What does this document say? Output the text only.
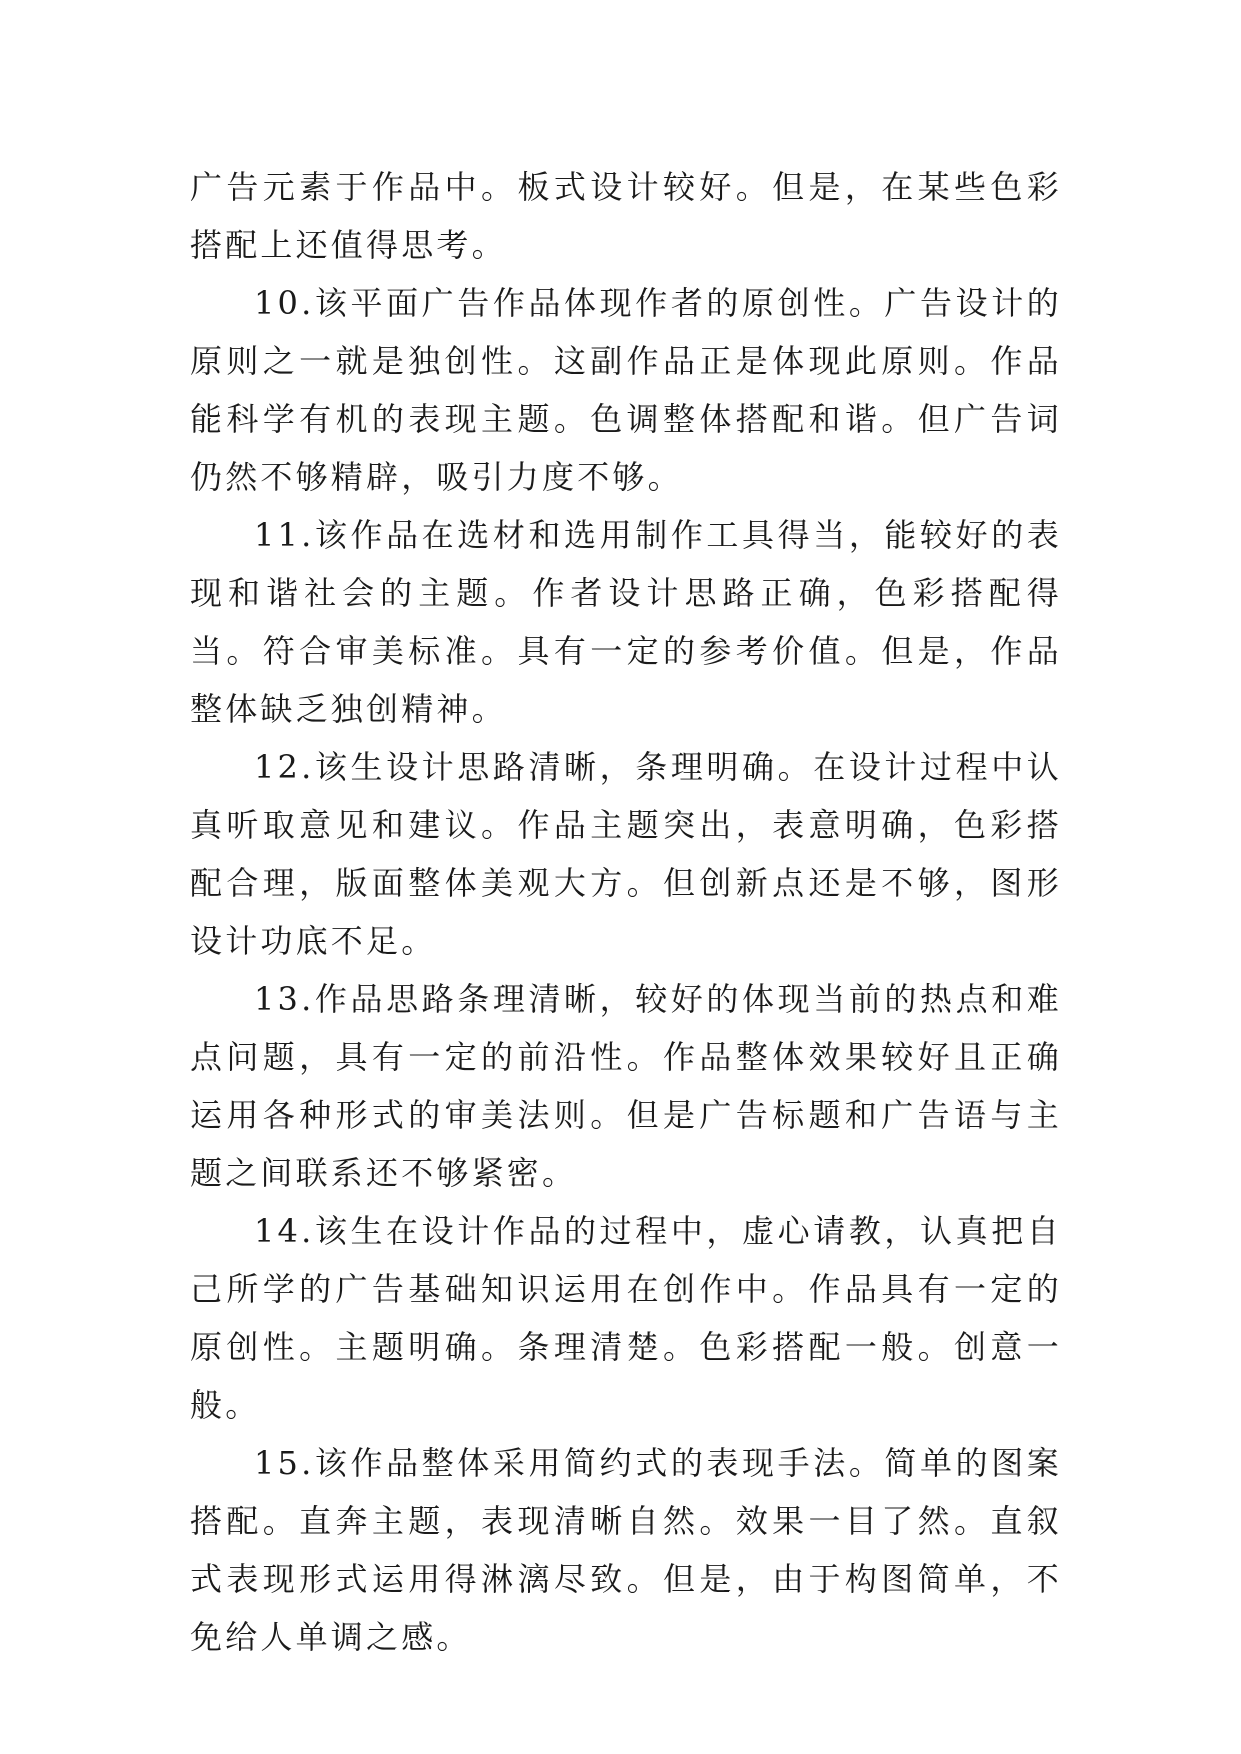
广告元素于作品中。板式设计较好。但是，在某些色彩搭配上还值得思考。

10.该平面广告作品体现作者的原创性。广告设计的原则之一就是独创性。这副作品正是体现此原则。作品能科学有机的表现主题。色调整体搭配和谐。但广告词仍然不够精辟，吸引力度不够。

11.该作品在选材和选用制作工具得当，能较好的表现和谐社会的主题。作者设计思路正确，色彩搭配得当。符合审美标准。具有一定的参考价值。但是，作品整体缺乏独创精神。

12.该生设计思路清晰，条理明确。在设计过程中认真听取意见和建议。作品主题突出，表意明确，色彩搭配合理，版面整体美观大方。但创新点还是不够，图形设计功底不足。

13.作品思路条理清晰，较好的体现当前的热点和难点问题，具有一定的前沿性。作品整体效果较好且正确运用各种形式的审美法则。但是广告标题和广告语与主题之间联系还不够紧密。

14.该生在设计作品的过程中，虚心请教，认真把自己所学的广告基础知识运用在创作中。作品具有一定的原创性。主题明确。条理清楚。色彩搭配一般。创意一般。

15.该作品整体采用简约式的表现手法。简单的图案搭配。直奔主题，表现清晰自然。效果一目了然。直叙式表现形式运用得淋漓尽致。但是，由于构图简单，不免给人单调之感。
